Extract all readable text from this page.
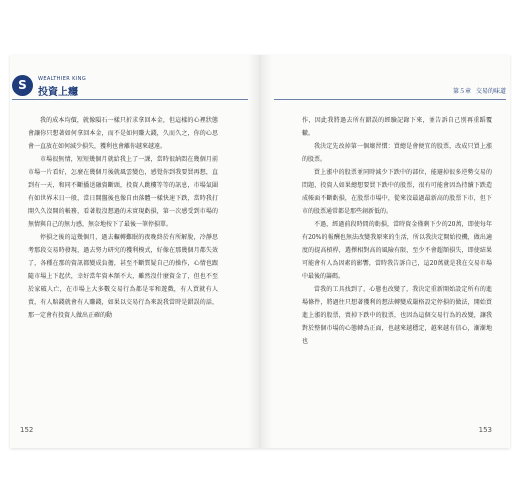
S	WEALTHIER KING
投資上癮

我的成本均價，就像隕石一樣只折求拿回本金，但這樣的心裡狀態會讓你只想著如何拿回本金，而不是如何賺大錢，久而久之，你的心思會一直放在如何減少損失，獲利也會離你越來越遠。

市場很無情，短短幾個月就給我上了一課，當時很納悶在幾個月前市場一片看好，怎麼在幾個月後就風雲變色，感覺你到我要買再想，直到有一天，和同不斷播送融資斷頭，投資人跳樓等等的訊息，市場氣圍有如世界末日一般，當日開盤後也像自由落體一樣快速下跌，當時我打開久久沒開的帳務，看著股沒想過的未實現虧損，第一次感受到市場的無情與自己的無力感，無奈地按下了最後一筆停損單。

停損之後的這幾個月，過去輾轉難眠的夜晚終於有所解脫，冷靜思考那段交易時發現，過去努力研究的獲利模式，好像在那幾個月都失效了，各種在那的資訊都變成負擔，甚至不斷質疑自己的操作，心情也跟隨市場上下起伏，幸好當年資本額不大，雖然沒什麼資金了，但也不至於家破人亡，在市場上大多數交易行為都是零和遊戲，有人買就有人賣，有人賠錢就會有人賺錢，如果以交易行為來說我當時是錯誤的話，那一定會有投資人做出正確的動

152
第５章 交易的味道

作，因此我將過去所有錯誤的經驗記錄下來，並告訴自己別再重蹈覆轍。

我決定先改掉第一個壞習慣：買總是會便宜的股票，改成只買上漲的股票。

買上漲中的股票並同時減少下跌中的部位，能避掉很多逆勢交易的問題，投資人如果總想要買下跌中的股票，很有可能會因為持續下跌造成帳面不斷虧損，在股票市場中，從來沒最過最新高的股票下市，但下市的股票通常都是那些創新低的。

不過，經過前段時間的虧損，當時資金僅剩下少的20萬，即使每年有20%的報酬也無法改變我原來的生活，所以我決定開始投機，做出適度的提高槓桿，選擇相對高的風險有限，至少不會超額損失，即使結果可能會有人為因素的影響，當時我告訴自己，這20萬就是我在交易市場中最後的籌碼。

當我的工具找到了，心態也改變了，我決定重新開始設定所有的進場條件，將過往只想著獲利的想法轉變成嚴格設定停損的做法，開始買進上漲的股票，賣掉下跌中的股票，也因為這個交易行為的改變，讓我對於整個市場的心態轉為正面，也越來越穩定，越來越有信心，漸漸地也

153
